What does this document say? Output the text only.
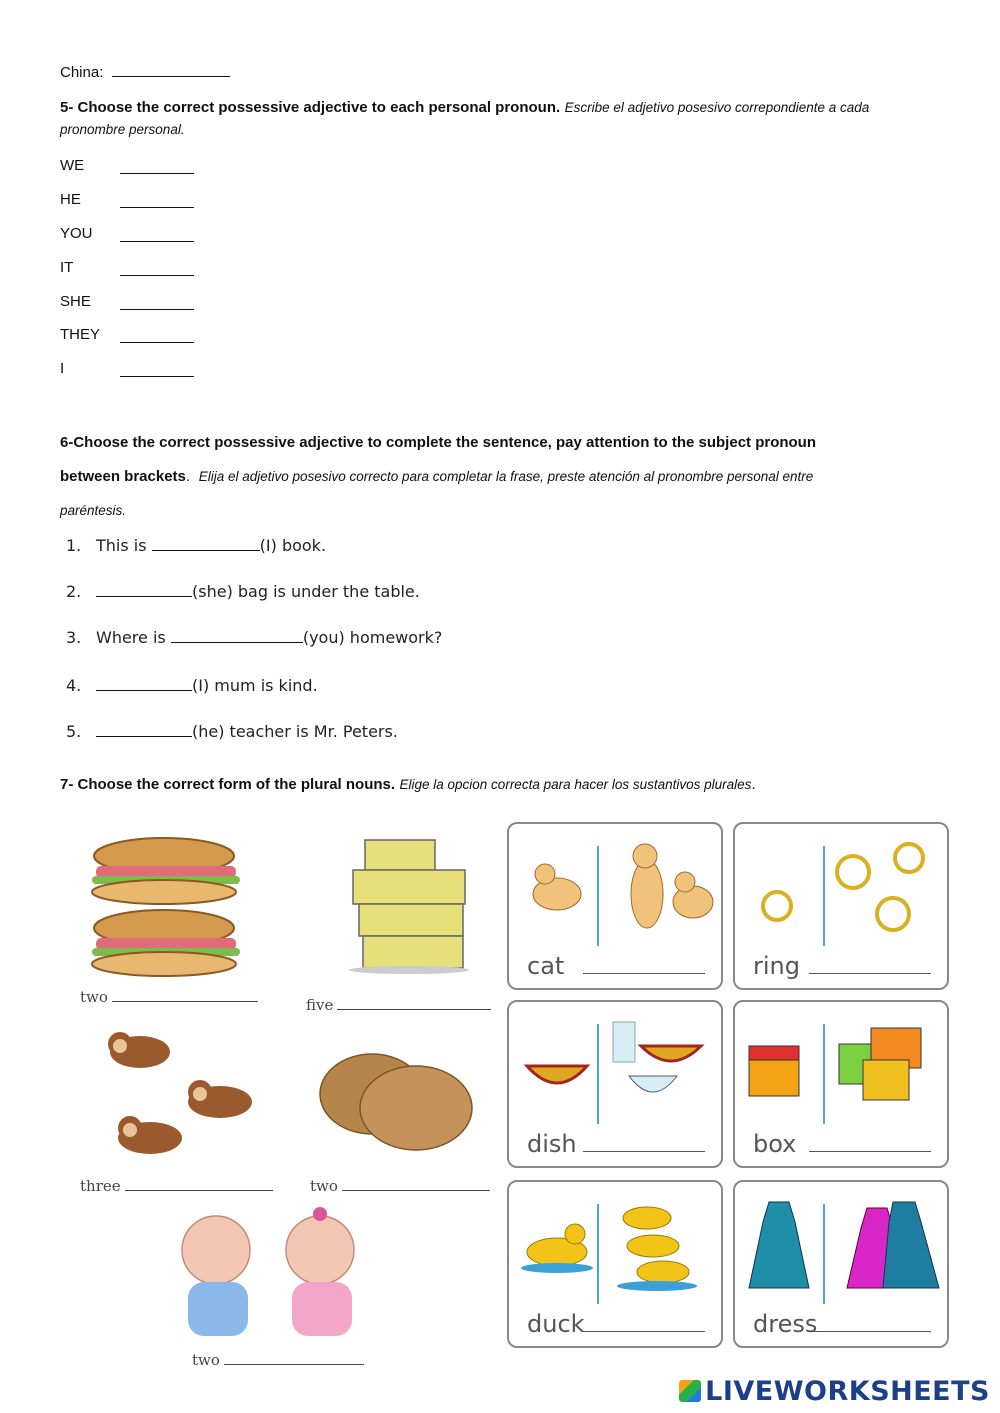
China:
5- Choose the correct possessive adjective to each personal pronoun. Escribe el adjetivo posesivo correpondiente a cada
pronombre personal.
WE
HE
YOU
IT
SHE
THEY
I
6-Choose the correct possessive adjective to complete the sentence, pay attention to the subject pronoun
between brackets.  Elija el adjetivo posesivo correcto para completar la frase, preste atención al pronombre personal entre
paréntesis.
1. This is	(I) book.
2.	(she) bag is under the table.
3. Where is	(you) homework?
4.	(I) mum is kind.
5.	(he) teacher is Mr. Peters.
7- Choose the correct form of the plural nouns. Elige la opcion correcta para hacer los sustantivos plurales.
two	five
three	two
two
cat	ring
dish	box
duck	dress
LIVEWORKSHEETS
